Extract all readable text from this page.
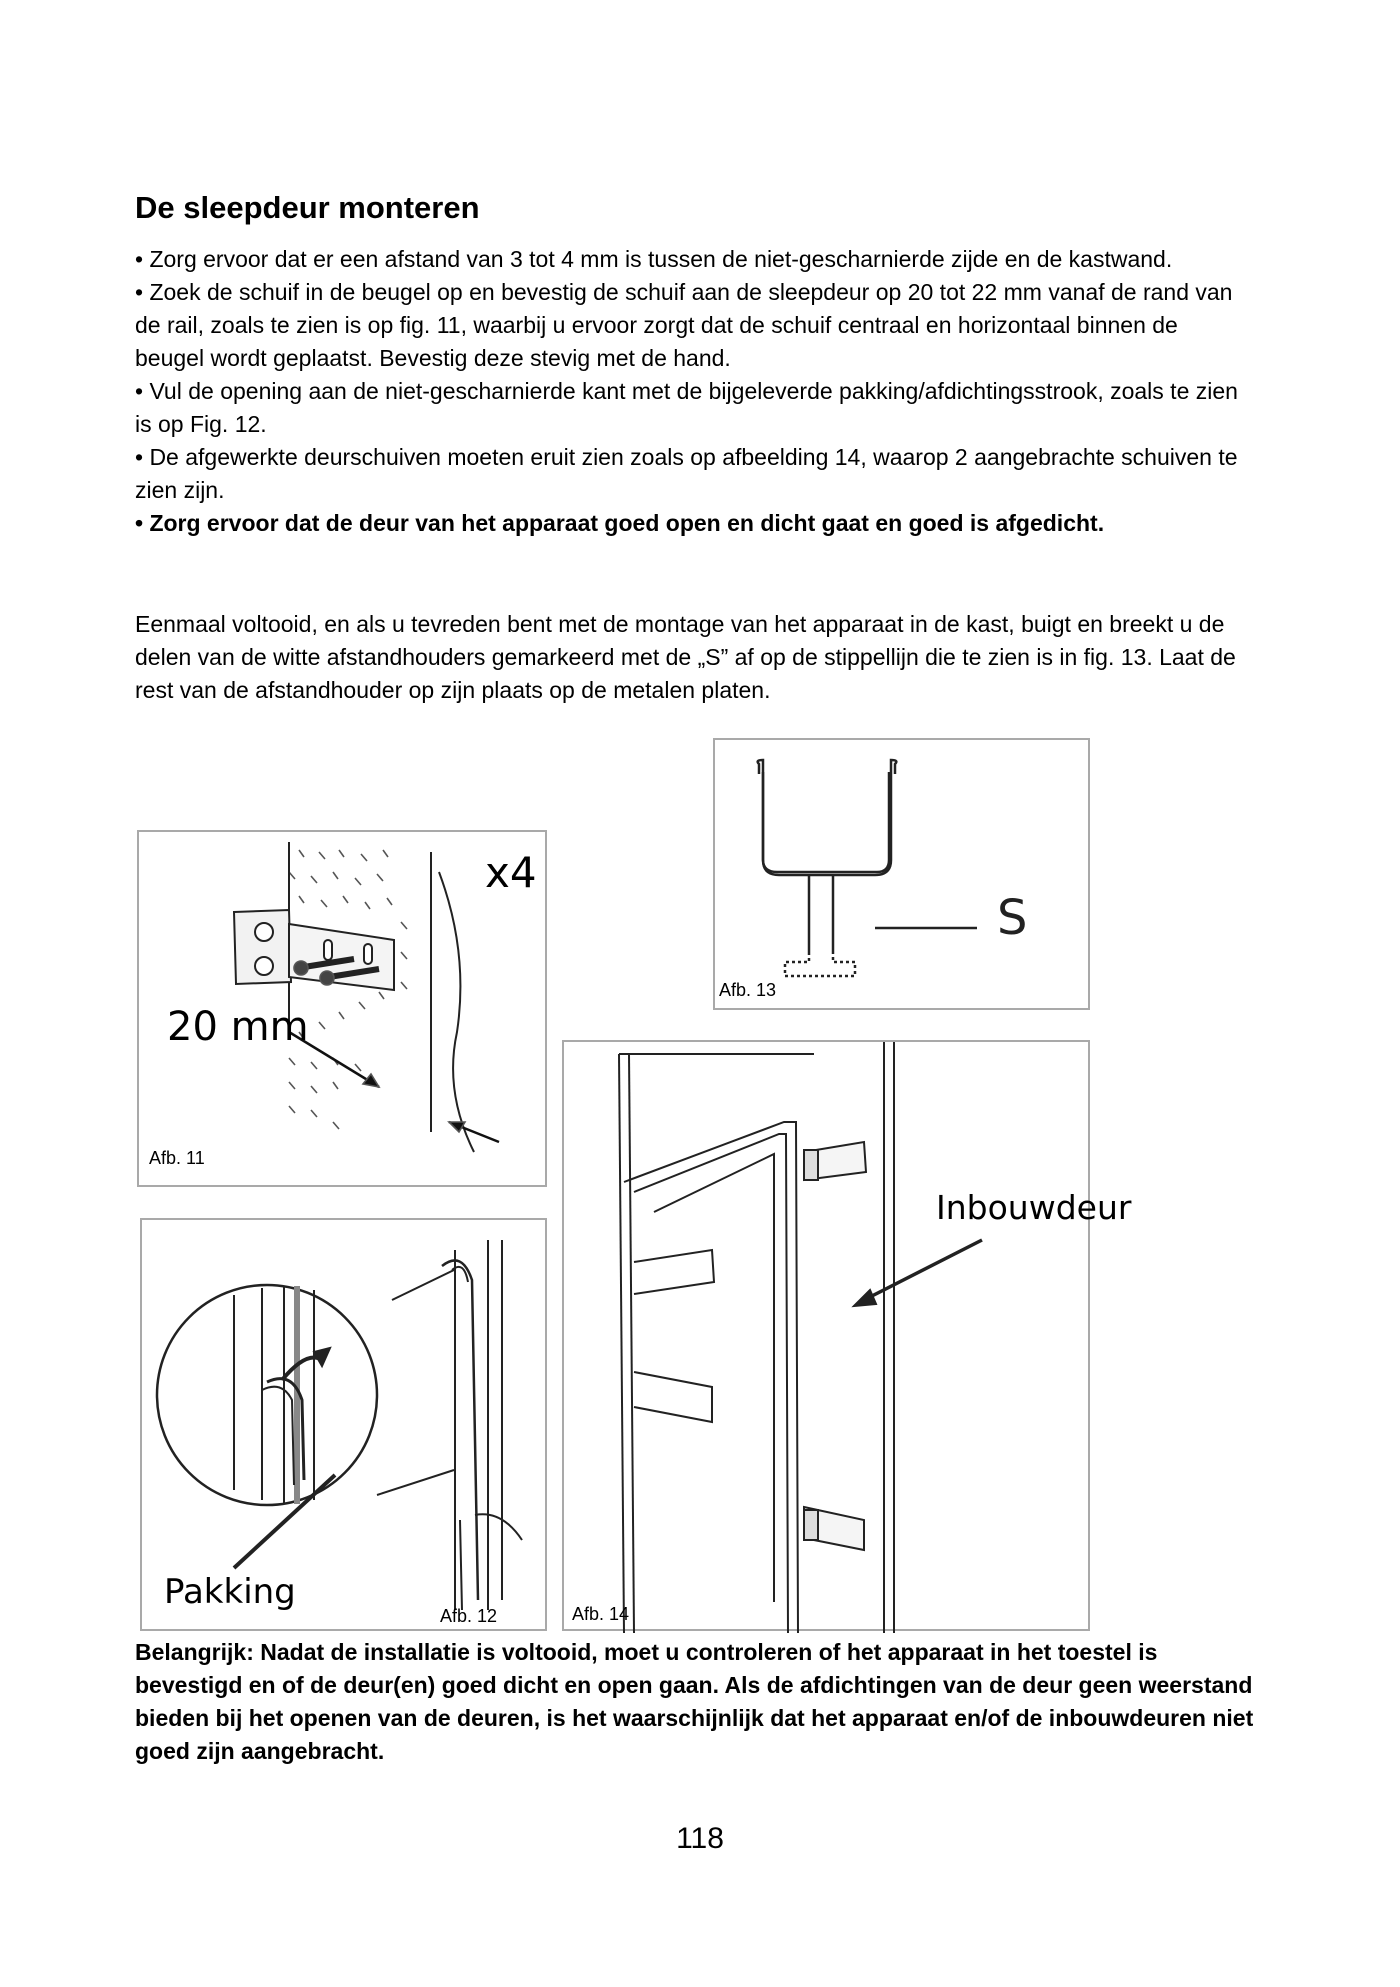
De sleepdeur monteren

• Zorg ervoor dat er een afstand van 3 tot 4 mm is tussen de niet-gescharnierde zijde en de kastwand.

• Zoek de schuif in de beugel op en bevestig de schuif aan de sleepdeur op 20 tot 22 mm vanaf de rand van de rail, zoals te zien is op fig. 11, waarbij u ervoor zorgt dat de schuif centraal en horizontaal binnen de beugel wordt geplaatst. Bevestig deze stevig met de hand.

• Vul de opening aan de niet-gescharnierde kant met de bijgeleverde pakking/afdichtingsstrook, zoals te zien is op Fig. 12.

• De afgewerkte deurschuiven moeten eruit zien zoals op afbeelding 14, waarop 2 aangebrachte schuiven te zien zijn.

• Zorg ervoor dat de deur van het apparaat goed open en dicht gaat en goed is afgedicht.

Eenmaal voltooid, en als u tevreden bent met de montage van het apparaat in de kast, buigt en breekt u de delen van de witte afstandhouders gemarkeerd met de „S” af op de stippellijn die te zien is in fig. 13. Laat de rest van de afstandhouder op zijn plaats op de metalen platen.

x4
20 mm
Afb. 11
Pakking
Afb. 12
S
Afb. 13
Inbouwdeur
Afb. 14

Belangrijk: Nadat de installatie is voltooid, moet u controleren of het apparaat in het toestel is bevestigd en of de deur(en) goed dicht en open gaan. Als de afdichtingen van de deur geen weerstand bieden bij het openen van de deuren, is het waarschijnlijk dat het apparaat en/of de inbouwdeuren niet goed zijn aangebracht.

118
